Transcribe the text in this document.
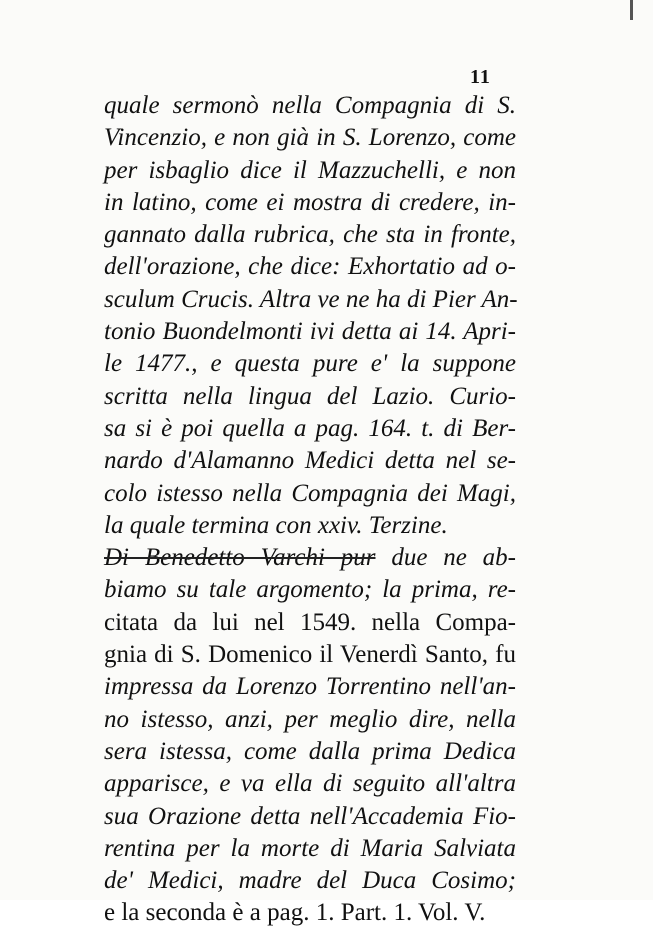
11
quale sermonò nella Compagnia di S.
Vincenzio, e non già in S. Lorenzo, come
per isbaglio dice il Mazzuchelli, e non
in latino, come ei mostra di credere, in-
gannato dalla rubrica, che sta in fronte,
dell'orazione, che dice: Exhortatio ad o-
sculum Crucis. Altra ve ne ha di Pier An-
tonio Buondelmonti ivi detta ai 14. Apri-
le 1477., e questa pure e' la suppone
scritta nella lingua del Lazio. Curio-
sa si è poi quella a pag. 164. t. di Ber-
nardo d'Alamanno Medici detta nel se-
colo istesso nella Compagnia dei Magi,
la quale termina con xxiv. Terzine.
Di Benedetto Varchi pur due ne ab-
biamo su tale argomento; la prima, re-
citata da lui nel 1549. nella Compa-
gnia di S. Domenico il Venerdì Santo, fu
impressa da Lorenzo Torrentino nell'an-
no istesso, anzi, per meglio dire, nella
sera istessa, come dalla prima Dedica
apparisce, e va ella di seguito all'altra
sua Orazione detta nell'Accademia Fio-
rentina per la morte di Maria Salviata
de' Medici, madre del Duca Cosimo;
e la seconda è a pag. 1. Part. 1. Vol. V.
